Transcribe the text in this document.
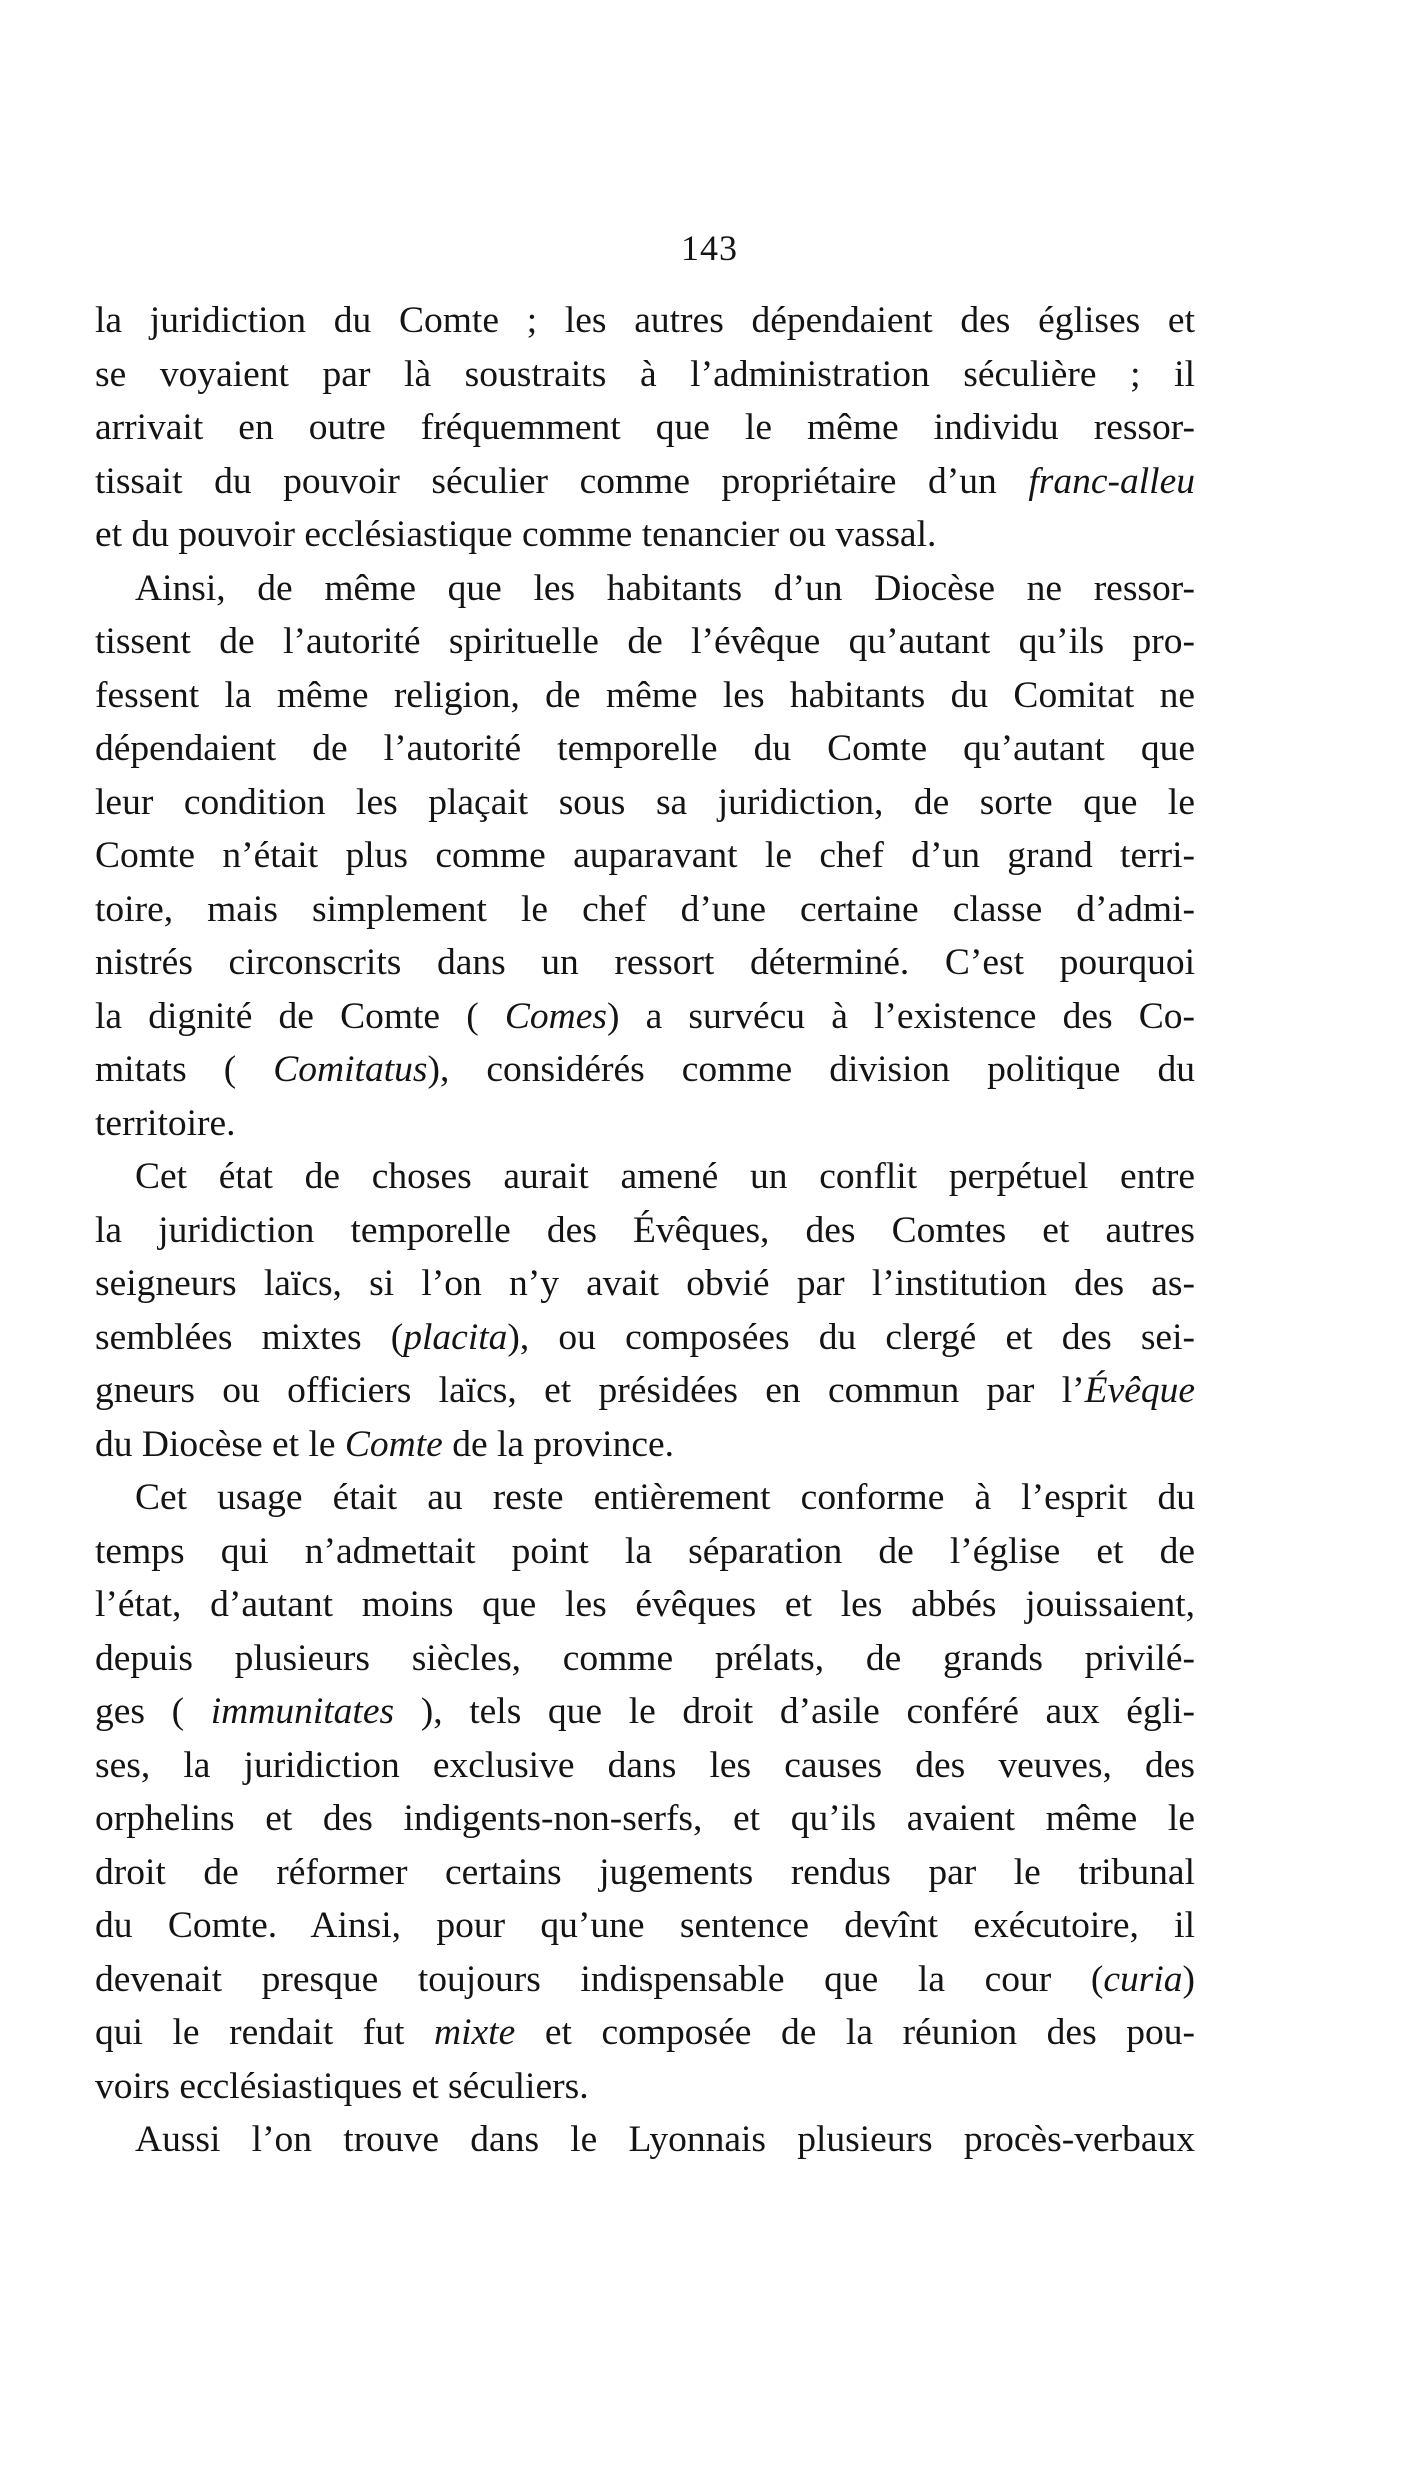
143
la juridiction du Comte ; les autres dépendaient des églises et
se voyaient par là soustraits à l’administration séculière ; il
arrivait en outre fréquemment que le même individu ressor-
tissait du pouvoir séculier comme propriétaire d’un franc-alleu
et du pouvoir ecclésiastique comme tenancier ou vassal.
Ainsi, de même que les habitants d’un Diocèse ne ressor-
tissent de l’autorité spirituelle de l’évêque qu’autant qu’ils pro-
fessent la même religion, de même les habitants du Comitat ne
dépendaient de l’autorité temporelle du Comte qu’autant que
leur condition les plaçait sous sa juridiction, de sorte que le
Comte n’était plus comme auparavant le chef d’un grand terri-
toire, mais simplement le chef d’une certaine classe d’admi-
nistrés circonscrits dans un ressort déterminé. C’est pourquoi
la dignité de Comte ( Comes) a survécu à l’existence des Co-
mitats ( Comitatus), considérés comme division politique du
territoire.
Cet état de choses aurait amené un conflit perpétuel entre
la juridiction temporelle des Évêques, des Comtes et autres
seigneurs laïcs, si l’on n’y avait obvié par l’institution des as-
semblées mixtes (placita), ou composées du clergé et des sei-
gneurs ou officiers laïcs, et présidées en commun par l’Évêque
du Diocèse et le Comte de la province.
Cet usage était au reste entièrement conforme à l’esprit du
temps qui n’admettait point la séparation de l’église et de
l’état, d’autant moins que les évêques et les abbés jouissaient,
depuis plusieurs siècles, comme prélats, de grands privilé-
ges ( immunitates ), tels que le droit d’asile conféré aux égli-
ses, la juridiction exclusive dans les causes des veuves, des
orphelins et des indigents-non-serfs, et qu’ils avaient même le
droit de réformer certains jugements rendus par le tribunal
du Comte. Ainsi, pour qu’une sentence devînt exécutoire, il
devenait presque toujours indispensable que la cour (curia)
qui le rendait fut mixte et composée de la réunion des pou-
voirs ecclésiastiques et séculiers.
Aussi l’on trouve dans le Lyonnais plusieurs procès-verbaux
